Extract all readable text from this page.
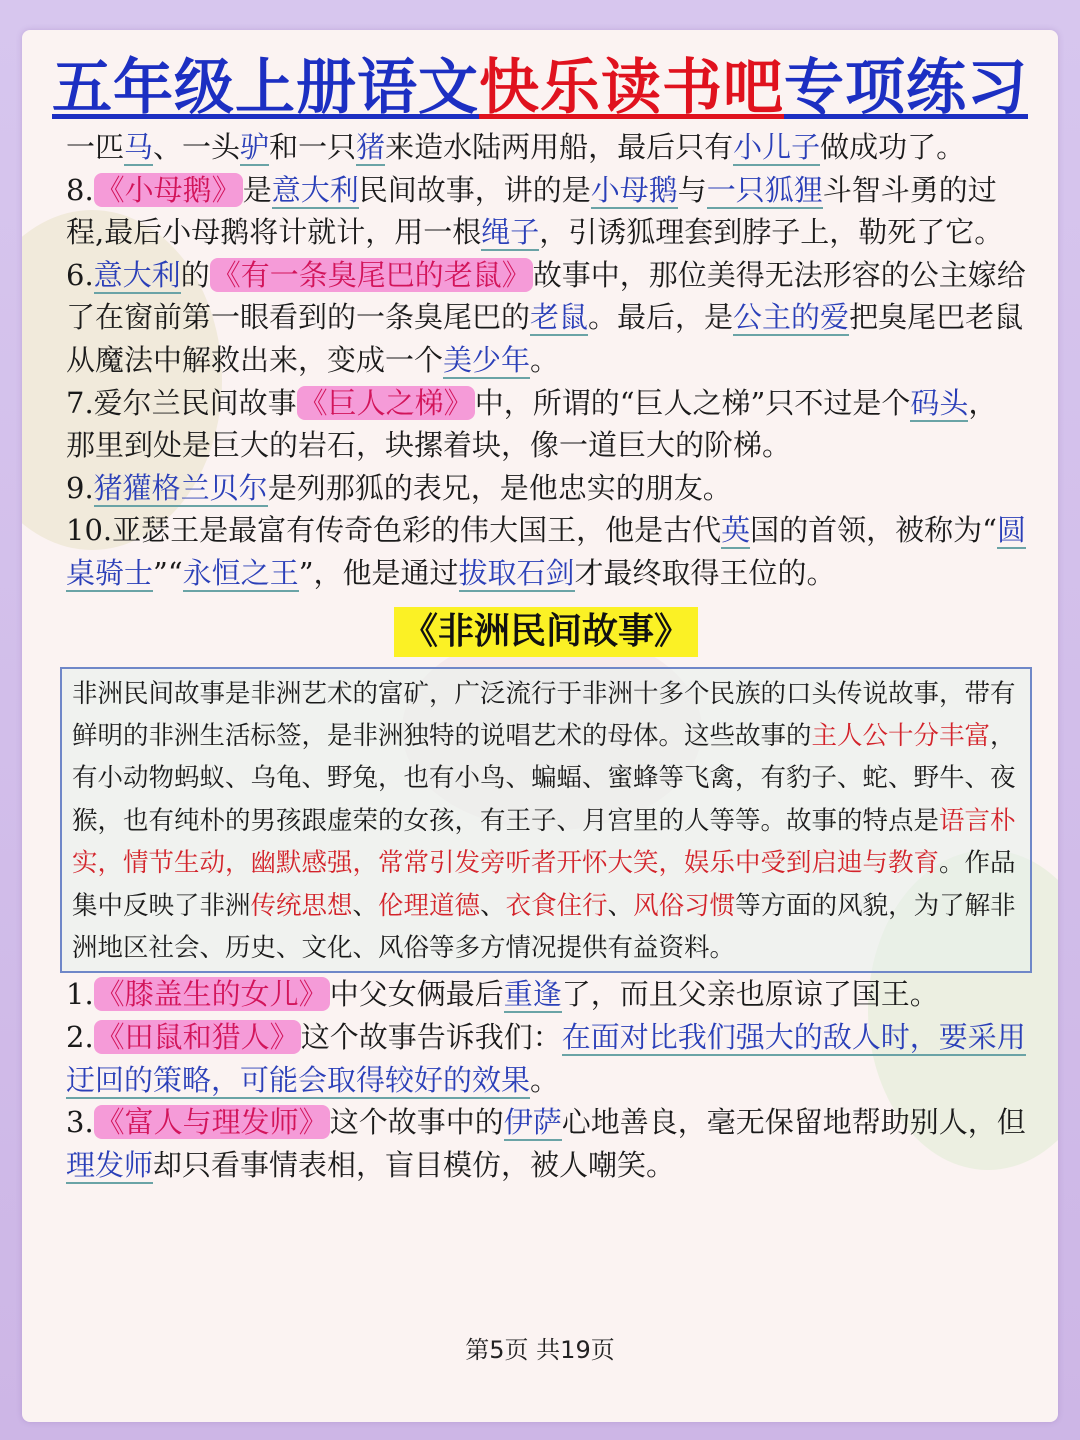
五年级上册语文快乐读书吧专项练习

一匹马、一头驴和一只猪来造水陆两用船，最后只有小儿子做成功了。

8.《小母鹅》是意大利民间故事，讲的是小母鹅与一只狐狸斗智斗勇的过程,最后小母鹅将计就计，用一根绳子，引诱狐理套到脖子上，勒死了它。

6.意大利的《有一条臭尾巴的老鼠》故事中，那位美得无法形容的公主嫁给了在窗前第一眼看到的一条臭尾巴的老鼠。最后，是公主的爱把臭尾巴老鼠从魔法中解救出来，变成一个美少年。

7.爱尔兰民间故事《巨人之梯》中，所谓的“巨人之梯”只不过是个码头，那里到处是巨大的岩石，块摞着块，像一道巨大的阶梯。

9.猪獾格兰贝尔是列那狐的表兄，是他忠实的朋友。

10.亚瑟王是最富有传奇色彩的伟大国王，他是古代英国的首领，被称为“圆桌骑士”“永恒之王”，他是通过拔取石剑才最终取得王位的。

《非洲民间故事》
非洲民间故事是非洲艺术的富矿，广泛流行于非洲十多个民族的口头传说故事，带有鲜明的非洲生活标签，是非洲独特的说唱艺术的母体。这些故事的主人公十分丰富，有小动物蚂蚁、乌龟、野兔，也有小鸟、蝙蝠、蜜蜂等飞禽，有豹子、蛇、野牛、夜猴，也有纯朴的男孩跟虚荣的女孩，有王子、月宫里的人等等。故事的特点是语言朴实，情节生动，幽默感强，常常引发旁听者开怀大笑，娱乐中受到启迪与教育。作品集中反映了非洲传统思想、伦理道德、衣食住行、风俗习惯等方面的风貌，为了解非洲地区社会、历史、文化、风俗等多方情况提供有益资料。

1.《膝盖生的女儿》中父女俩最后重逢了，而且父亲也原谅了国王。

2.《田鼠和猎人》这个故事告诉我们：在面对比我们强大的敌人时，要采用迂回的策略，可能会取得较好的效果。

3.《富人与理发师》这个故事中的伊萨心地善良，毫无保留地帮助别人，但理发师却只看事情表相，盲目模仿，被人嘲笑。

第5页 共19页
